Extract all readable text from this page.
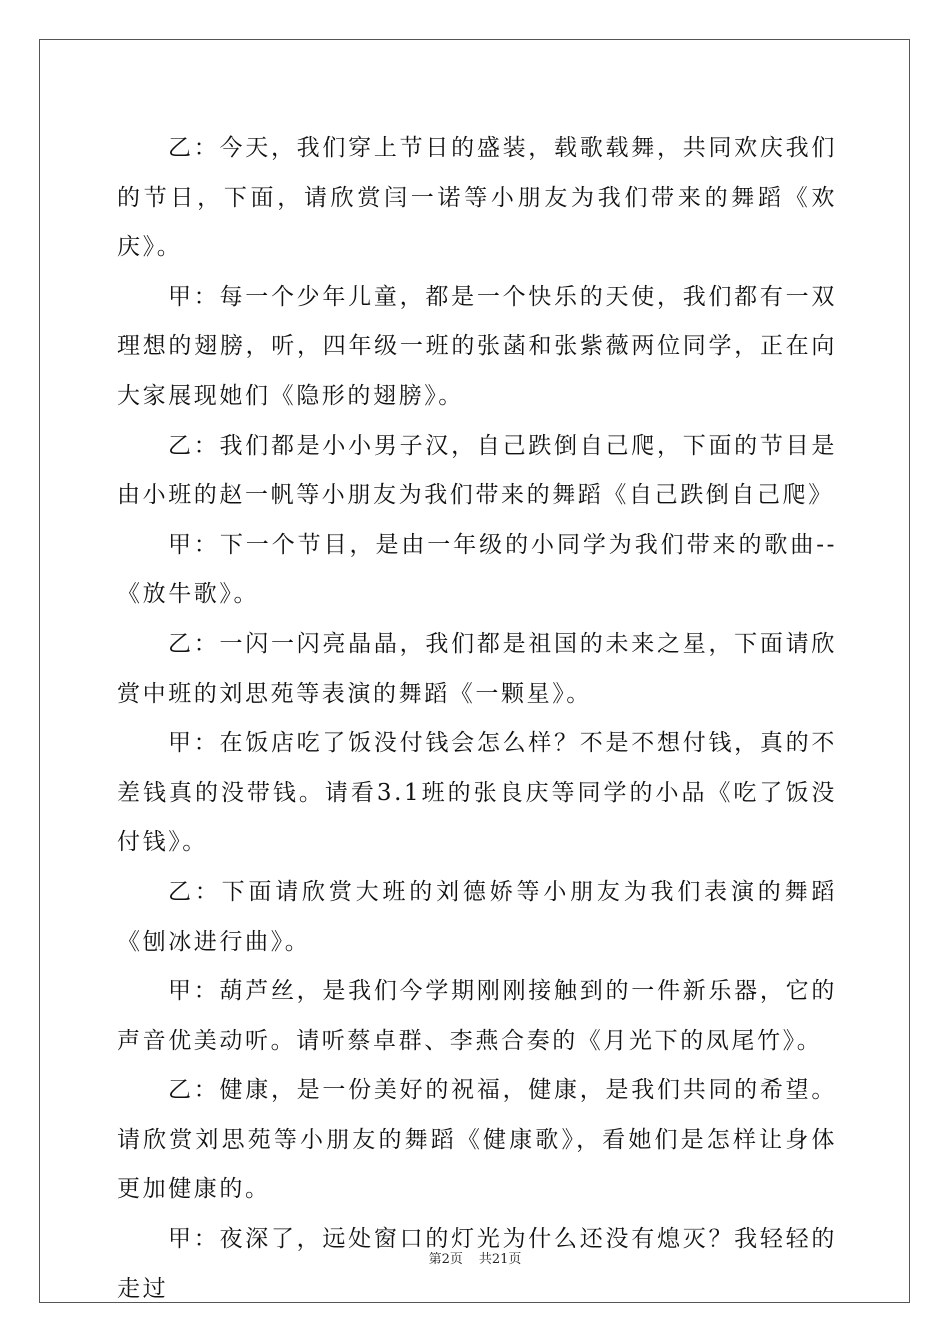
乙：今天，我们穿上节日的盛装，载歌载舞，共同欢庆我们的节日，下面，请欣赏闫一诺等小朋友为我们带来的舞蹈《欢庆》。

甲：每一个少年儿童，都是一个快乐的天使，我们都有一双理想的翅膀，听，四年级一班的张菡和张紫薇两位同学，正在向大家展现她们《隐形的翅膀》。

乙：我们都是小小男子汉，自己跌倒自己爬，下面的节目是由小班的赵一帆等小朋友为我们带来的舞蹈《自己跌倒自己爬》

甲：下一个节目，是由一年级的小同学为我们带来的歌曲--《放牛歌》。

乙：一闪一闪亮晶晶，我们都是祖国的未来之星，下面请欣赏中班的刘思苑等表演的舞蹈《一颗星》。

甲：在饭店吃了饭没付钱会怎么样？不是不想付钱，真的不差钱真的没带钱。请看3.1班的张良庆等同学的小品《吃了饭没付钱》。

乙：下面请欣赏大班的刘德娇等小朋友为我们表演的舞蹈《刨冰进行曲》。

甲：葫芦丝，是我们今学期刚刚接触到的一件新乐器，它的声音优美动听。请听蔡卓群、李燕合奏的《月光下的凤尾竹》。

乙：健康，是一份美好的祝福，健康，是我们共同的希望。请欣赏刘思苑等小朋友的舞蹈《健康歌》，看她们是怎样让身体更加健康的。

甲：夜深了，远处窗口的灯光为什么还没有熄灭？我轻轻的走过

第2页 共21页
